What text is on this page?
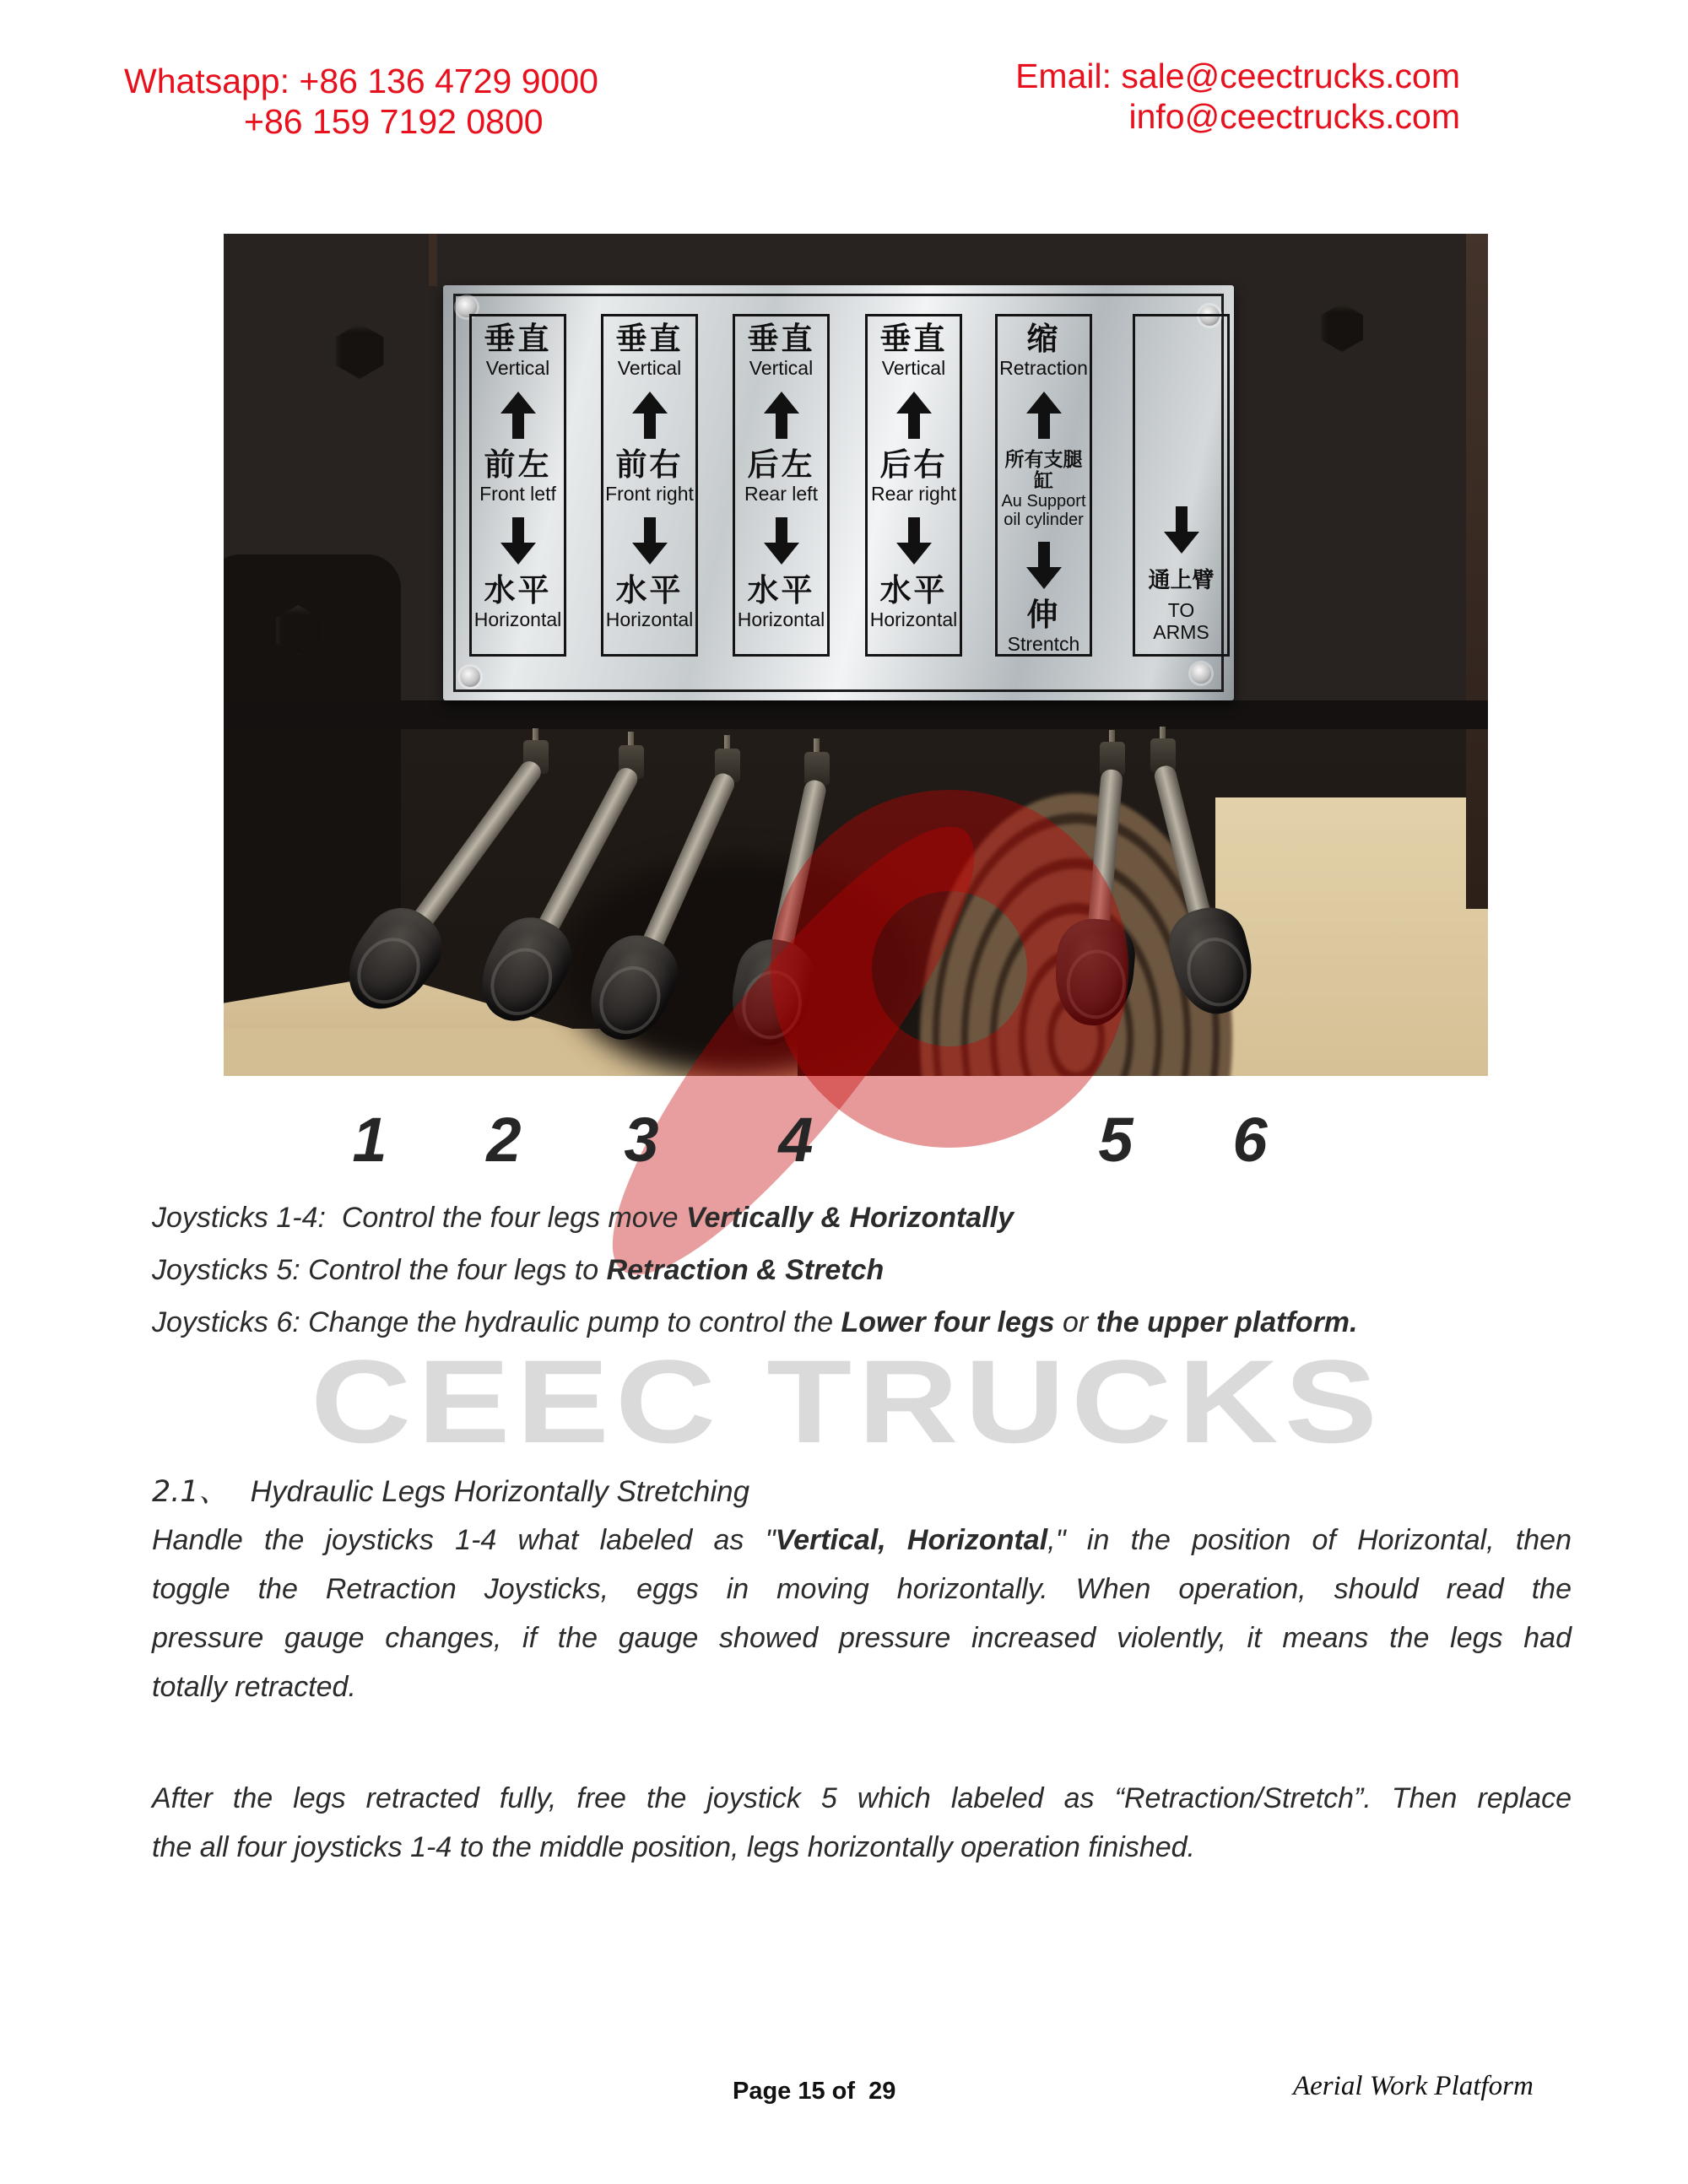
Whatsapp: +86 136 4729 9000
+86 159 7192 0800
Email: sale@ceectrucks.com
info@ceectrucks.com
垂直
Vertical
前左
Front letf
水平
Horizontal
垂直
Vertical
前右
Front right
水平
Horizontal
垂直
Vertical
后左
Rear left
水平
Horizontal
垂直
Vertical
后右
Rear right
水平
Horizontal
缩
Retraction
所有支腿缸
Au Support
oil cylinder
伸
Strentch
通上臂
TO
ARMS
1 2 3 4	5 6
Joysticks 1-4:  Control the four legs move Vertically & Horizontally
Joysticks 5: Control the four legs to Retraction & Stretch
Joysticks 6: Change the hydraulic pump to control the Lower four legs or the upper platform.
CEEC TRUCKS
2.1、 Hydraulic Legs Horizontally Stretching
Handle the joysticks 1-4 what labeled as "Vertical, Horizontal," in the position of Horizontal, then
toggle the Retraction Joysticks, eggs in moving horizontally. When operation, should read the
pressure gauge changes, if the gauge showed pressure increased violently, it means the legs had
totally retracted.
After the legs retracted fully, free the joystick 5 which labeled as “Retraction/Stretch”. Then replace
the all four joysticks 1-4 to the middle position, legs horizontally operation finished.
Page 15 of  29	Aerial Work Platform
